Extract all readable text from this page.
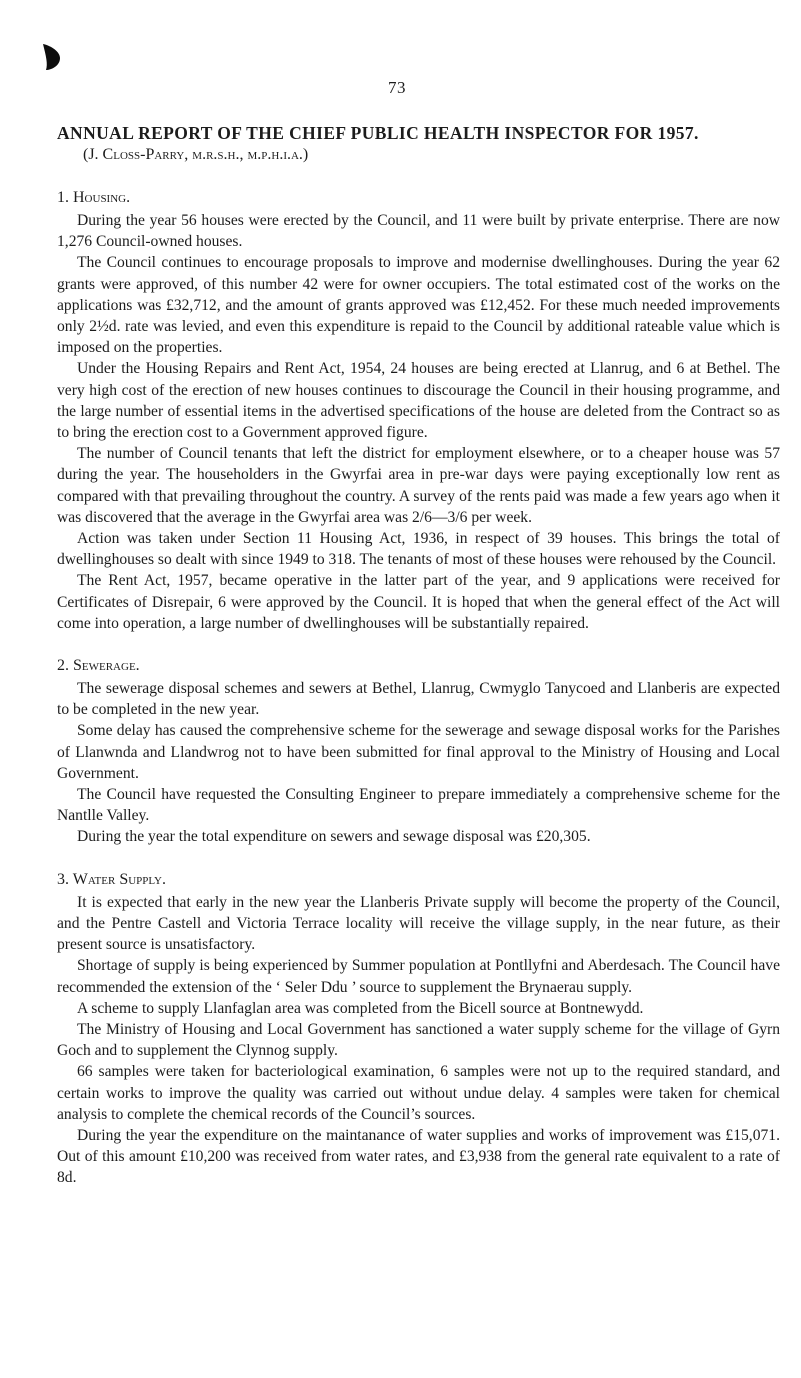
73
ANNUAL REPORT OF THE CHIEF PUBLIC HEALTH INSPECTOR FOR 1957.

(J. Closs-Parry, m.r.s.h., m.p.h.i.a.)

1. Housing.

During the year 56 houses were erected by the Council, and 11 were built by private enterprise. There are now 1,276 Council-owned houses.

The Council continues to encourage proposals to improve and modernise dwellinghouses. During the year 62 grants were approved, of this number 42 were for owner occupiers. The total estimated cost of the works on the applications was £32,712, and the amount of grants approved was £12,452. For these much needed improvements only 2½d. rate was levied, and even this expenditure is repaid to the Council by additional rateable value which is imposed on the properties.

Under the Housing Repairs and Rent Act, 1954, 24 houses are being erected at Llanrug, and 6 at Bethel. The very high cost of the erection of new houses continues to discourage the Council in their housing programme, and the large number of essential items in the advertised specifications of the house are deleted from the Contract so as to bring the erection cost to a Government approved figure.

The number of Council tenants that left the district for employment elsewhere, or to a cheaper house was 57 during the year. The householders in the Gwyrfai area in pre-war days were paying exceptionally low rent as compared with that prevailing throughout the country. A survey of the rents paid was made a few years ago when it was discovered that the average in the Gwyrfai area was 2/6—3/6 per week.

Action was taken under Section 11 Housing Act, 1936, in respect of 39 houses. This brings the total of dwellinghouses so dealt with since 1949 to 318. The tenants of most of these houses were rehoused by the Council.

The Rent Act, 1957, became operative in the latter part of the year, and 9 applications were received for Certificates of Disrepair, 6 were approved by the Council. It is hoped that when the general effect of the Act will come into operation, a large number of dwellinghouses will be substantially repaired.

2. Sewerage.

The sewerage disposal schemes and sewers at Bethel, Llanrug, Cwmyglo Tanycoed and Llanberis are expected to be completed in the new year.

Some delay has caused the comprehensive scheme for the sewerage and sewage disposal works for the Parishes of Llanwnda and Llandwrog not to have been submitted for final approval to the Ministry of Housing and Local Government.

The Council have requested the Consulting Engineer to prepare immediately a comprehensive scheme for the Nantlle Valley.

During the year the total expenditure on sewers and sewage disposal was £20,305.

3. Water Supply.

It is expected that early in the new year the Llanberis Private supply will become the property of the Council, and the Pentre Castell and Victoria Terrace locality will receive the village supply, in the near future, as their present source is unsatisfactory.

Shortage of supply is being experienced by Summer population at Pontllyfni and Aberdesach. The Council have recommended the extension of the ‘ Seler Ddu ’ source to supplement the Brynaerau supply.

A scheme to supply Llanfaglan area was completed from the Bicell source at Bontnewydd.

The Ministry of Housing and Local Government has sanctioned a water supply scheme for the village of Gyrn Goch and to supplement the Clynnog supply.

66 samples were taken for bacteriological examination, 6 samples were not up to the required standard, and certain works to improve the quality was carried out without undue delay. 4 samples were taken for chemical analysis to complete the chemical records of the Council’s sources.

During the year the expenditure on the maintanance of water supplies and works of improvement was £15,071. Out of this amount £10,200 was received from water rates, and £3,938 from the general rate equivalent to a rate of 8d.
